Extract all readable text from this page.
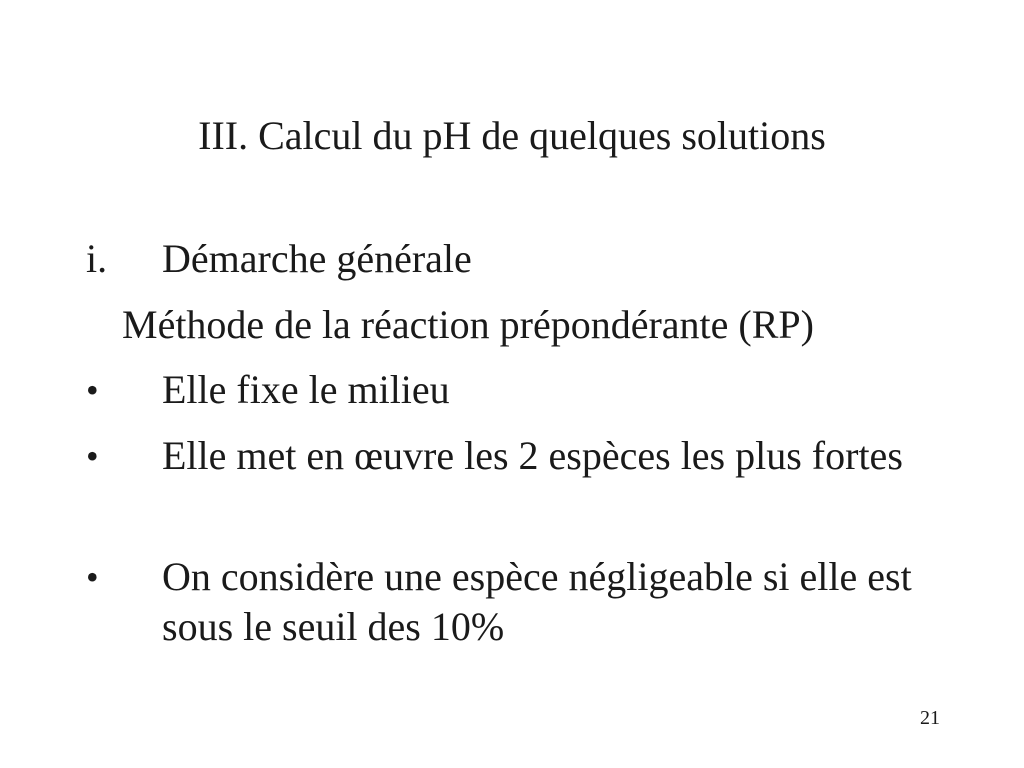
III. Calcul du pH de quelques solutions
i. Démarche générale
Méthode de la réaction prépondérante (RP)
• Elle fixe le milieu
• Elle met en œuvre les 2 espèces les plus fortes
• On considère une espèce négligeable si elle est sous le seuil des 10%
21
